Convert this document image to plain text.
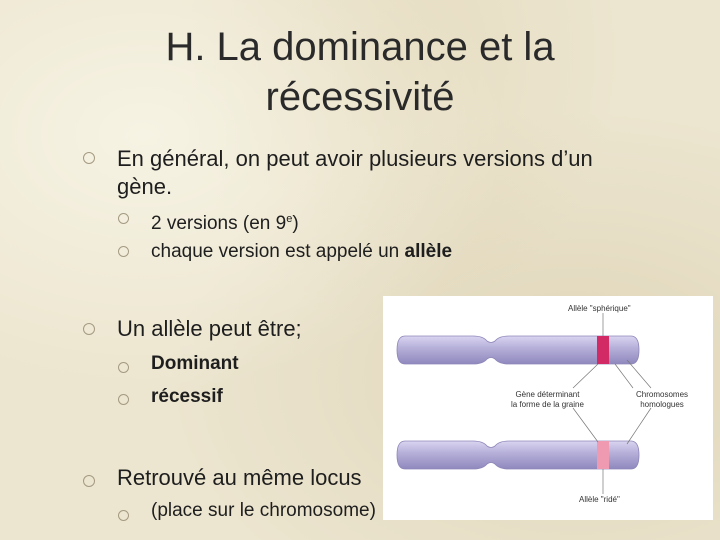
H. La dominance et la
récessivité
En général, on peut avoir plusieurs versions d’un
gène.
2 versions (en 9e)
chaque version est appelé un allèle
Un allèle peut être;
Dominant
récessif
Retrouvé au même locus
(place sur le chromosome)
Allèle "sphérique"
Gène déterminant
la forme de la graine
Chromosomes
homologues
Allèle "ridé"
